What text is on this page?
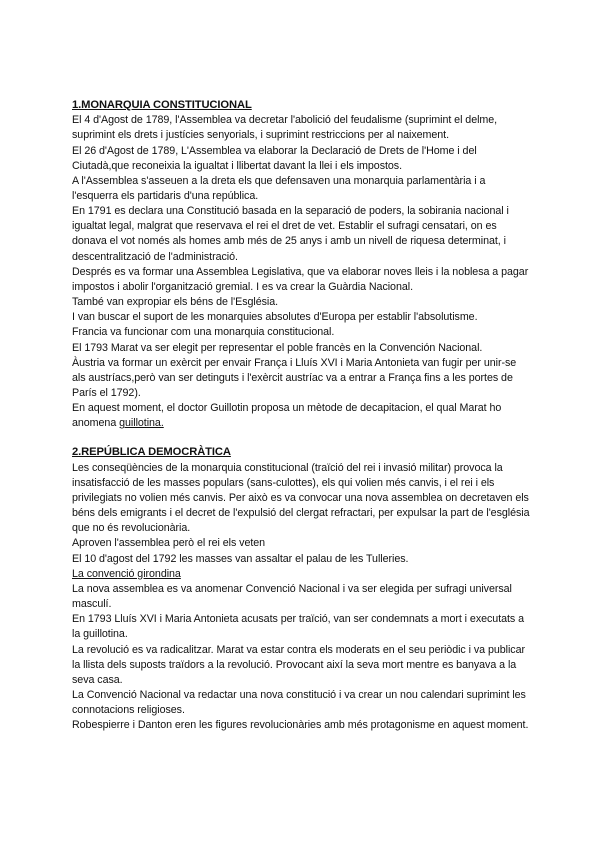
1.MONARQUIA CONSTITUCIONAL

El 4 d'Agost de 1789, l'Assemblea va decretar l'abolició del feudalisme (suprimint el delme, suprimint els drets i justícies senyorials, i suprimint restriccions per al naixement.

El 26 d'Agost de 1789, L'Assemblea va elaborar la Declaració de Drets de l'Home i del Ciutadà,que reconeixia la igualtat i llibertat davant la llei i els impostos.

A l'Assemblea s'asseuen a la dreta els que defensaven una monarquia parlamentària i a l'esquerra els partidaris d'una república.

En 1791 es declara una Constitució basada en la separació de poders, la sobirania nacional i igualtat legal, malgrat que reservava el rei el dret de vet. Establir el sufragi censatari, on es donava el vot només als homes amb més de 25 anys i amb un nivell de riquesa determinat, i descentralització de l'administració.

Després es va formar una Assemblea Legislativa, que va elaborar noves lleis i la noblesa a pagar impostos i abolir l'organització gremial. I es va crear la Guàrdia Nacional.

També van expropiar els béns de l'Església.

I van buscar el suport de les monarquies absolutes d'Europa per establir l'absolutisme.

Francia va funcionar com una monarquia constitucional.

El 1793 Marat va ser elegit per representar el poble francès en la Convención Nacional.

Àustria va formar un exèrcit per envair França i Lluís XVI i Maria Antonieta van fugir per unir-se als austríacs,però van ser detinguts i l'exèrcit austríac va a entrar a França fins a les portes de París el 1792).

En aquest moment, el doctor Guillotin proposa un mètode de decapitacion, el qual Marat ho anomena guillotina.

2.REPÚBLICA DEMOCRÀTICA

Les conseqüències de la monarquia constitucional (traïció del rei i invasió militar) provoca la insatisfacció de les masses populars (sans-culottes), els qui volien més canvis, i el rei i els privilegiats no volien més canvis. Per això es va convocar una nova assemblea on decretaven els béns dels emigrants i el decret de l'expulsió del clergat refractari, per expulsar la part de l'església que no és revolucionària.

Aproven l'assemblea però el rei els veten

El 10 d'agost del 1792 les masses van assaltar el palau de les Tulleries.

La convenció girondina

La nova assemblea es va anomenar Convenció Nacional i va ser elegida per sufragi universal masculí.

En 1793 Lluís XVI i Maria Antonieta acusats per traïció, van ser condemnats a mort i executats a la guillotina.

La revolució es va radicalitzar. Marat va estar contra els moderats en el seu periòdic i va publicar la llista dels suposts traïdors a la revolució. Provocant així la seva mort mentre es banyava a la seva casa.

La Convenció Nacional va redactar una nova constitució i va crear un nou calendari suprimint les connotacions religioses.

Robespierre i Danton eren les figures revolucionàries amb més protagonisme en aquest moment.
